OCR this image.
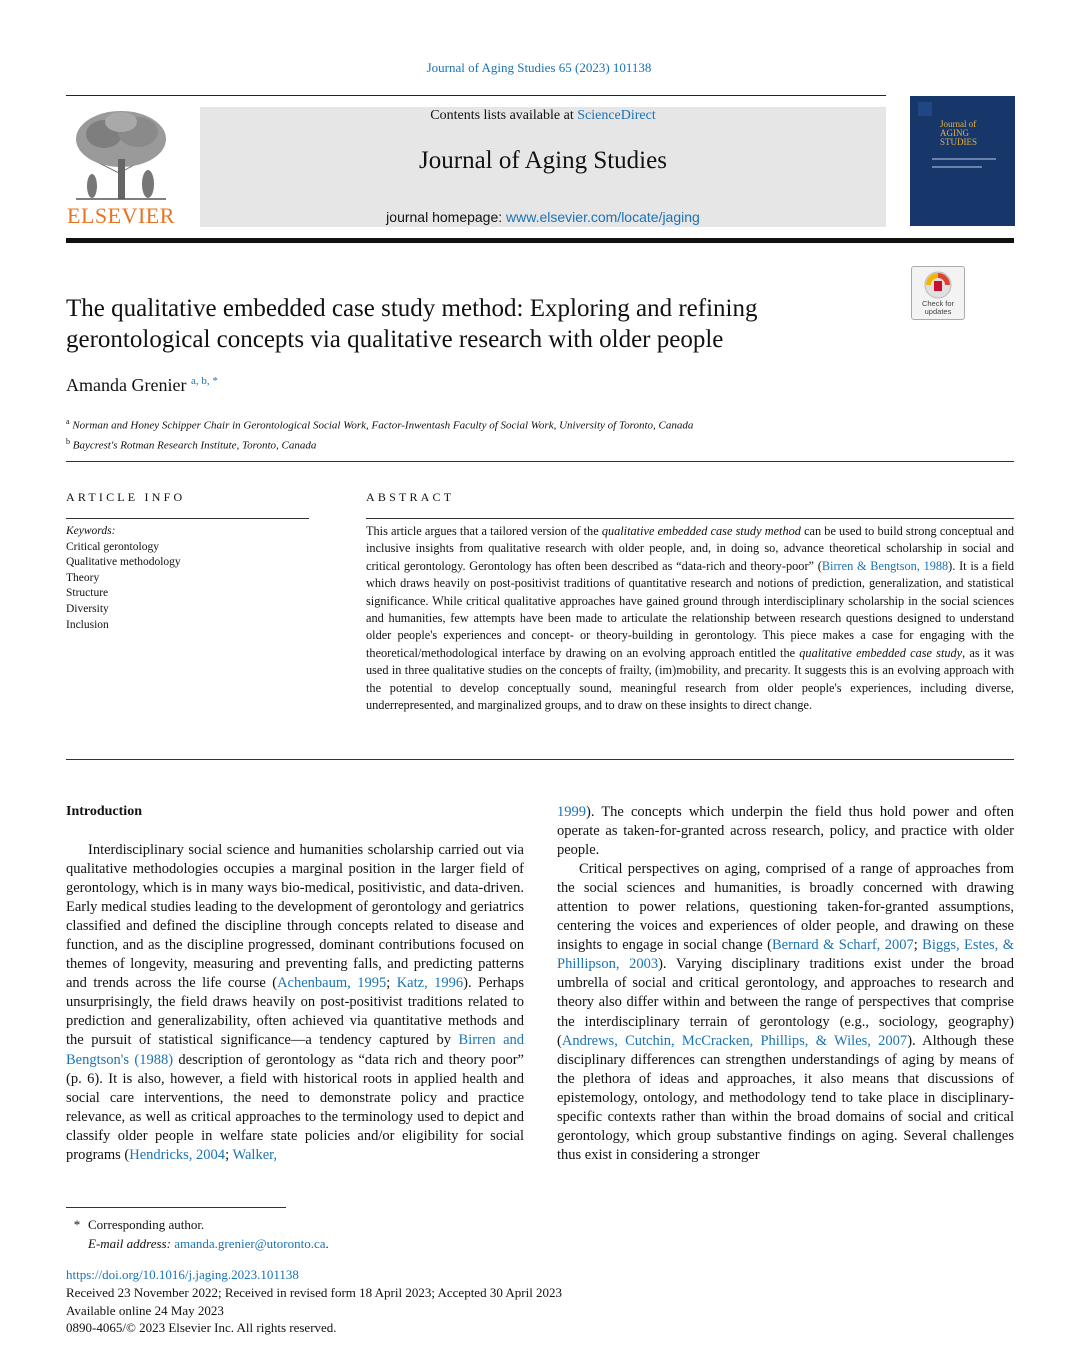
Journal of Aging Studies 65 (2023) 101138
ELSEVIER
Contents lists available at ScienceDirect
Journal of Aging Studies
journal homepage: www.elsevier.com/locate/jaging
Journal of AGING STUDIES
Check for updates
The qualitative embedded case study method: Exploring and refining gerontological concepts via qualitative research with older people
Amanda Grenier $^{a, b, *}$
$^a$ Norman and Honey Schipper Chair in Gerontological Social Work, Factor-Inwentash Faculty of Social Work, University of Toronto, Canada
$^b$ Baycrest's Rotman Research Institute, Toronto, Canada
ARTICLE INFO	ABSTRACT
Keywords:
Critical gerontology
Qualitative methodology
Theory
Structure
Diversity
Inclusion
This article argues that a tailored version of the qualitative embedded case study method can be used to build strong conceptual and inclusive insights from qualitative research with older people, and, in doing so, advance theoretical scholarship in social and critical gerontology. Gerontology has often been described as “data-rich and theory-poor” (Birren & Bengtson, 1988). It is a field which draws heavily on post-positivist traditions of quantitative research and notions of prediction, generalization, and statistical significance. While critical qualitative approaches have gained ground through interdisciplinary scholarship in the social sciences and humanities, few attempts have been made to articulate the relationship between research questions designed to understand older people's experiences and concept- or theory-building in gerontology. This piece makes a case for engaging with the theoretical/methodological interface by drawing on an evolving approach entitled the qualitative embedded case study, as it was used in three qualitative studies on the concepts of frailty, (im)mobility, and precarity. It suggests this is an evolving approach with the potential to develop conceptually sound, meaningful research from older people's experiences, including diverse, underrepresented, and marginalized groups, and to draw on these insights to direct change.
Introduction

Interdisciplinary social science and humanities scholarship carried out via qualitative methodologies occupies a marginal position in the larger field of gerontology, which is in many ways bio-medical, positivistic, and data-driven. Early medical studies leading to the development of gerontology and geriatrics classified and defined the discipline through concepts related to disease and function, and as the discipline progressed, dominant contributions focused on themes of longevity, measuring and preventing falls, and predicting patterns and trends across the life course (Achenbaum, 1995; Katz, 1996). Perhaps unsurprisingly, the field draws heavily on post-positivist traditions related to prediction and generalizability, often achieved via quantitative methods and the pursuit of statistical significance—a tendency captured by Birren and Bengtson's (1988) description of gerontology as “data rich and theory poor” (p. 6). It is also, however, a field with historical roots in applied health and social care interventions, the need to demonstrate policy and practice relevance, as well as critical approaches to the terminology used to depict and classify older people in welfare state policies and/or eligibility for social programs (Hendricks, 2004; Walker,

1999). The concepts which underpin the field thus hold power and often operate as taken-for-granted across research, policy, and practice with older people.

Critical perspectives on aging, comprised of a range of approaches from the social sciences and humanities, is broadly concerned with drawing attention to power relations, questioning taken-for-granted assumptions, centering the voices and experiences of older people, and drawing on these insights to engage in social change (Bernard & Scharf, 2007; Biggs, Estes, & Phillipson, 2003). Varying disciplinary traditions exist under the broad umbrella of social and critical gerontology, and approaches to research and theory also differ within and between the range of perspectives that comprise the interdisciplinary terrain of gerontology (e.g., sociology, geography) (Andrews, Cutchin, McCracken, Phillips, & Wiles, 2007). Although these disciplinary differences can strengthen understandings of aging by means of the plethora of ideas and approaches, it also means that discussions of epistemology, ontology, and methodology tend to take place in disciplinary-specific contexts rather than within the broad domains of social and critical gerontology, which group substantive findings on aging. Several challenges thus exist in considering a stronger

* Corresponding author.
E-mail address: amanda.grenier@utoronto.ca.
https://doi.org/10.1016/j.jaging.2023.101138
Received 23 November 2022; Received in revised form 18 April 2023; Accepted 30 April 2023
Available online 24 May 2023
0890-4065/© 2023 Elsevier Inc. All rights reserved.
